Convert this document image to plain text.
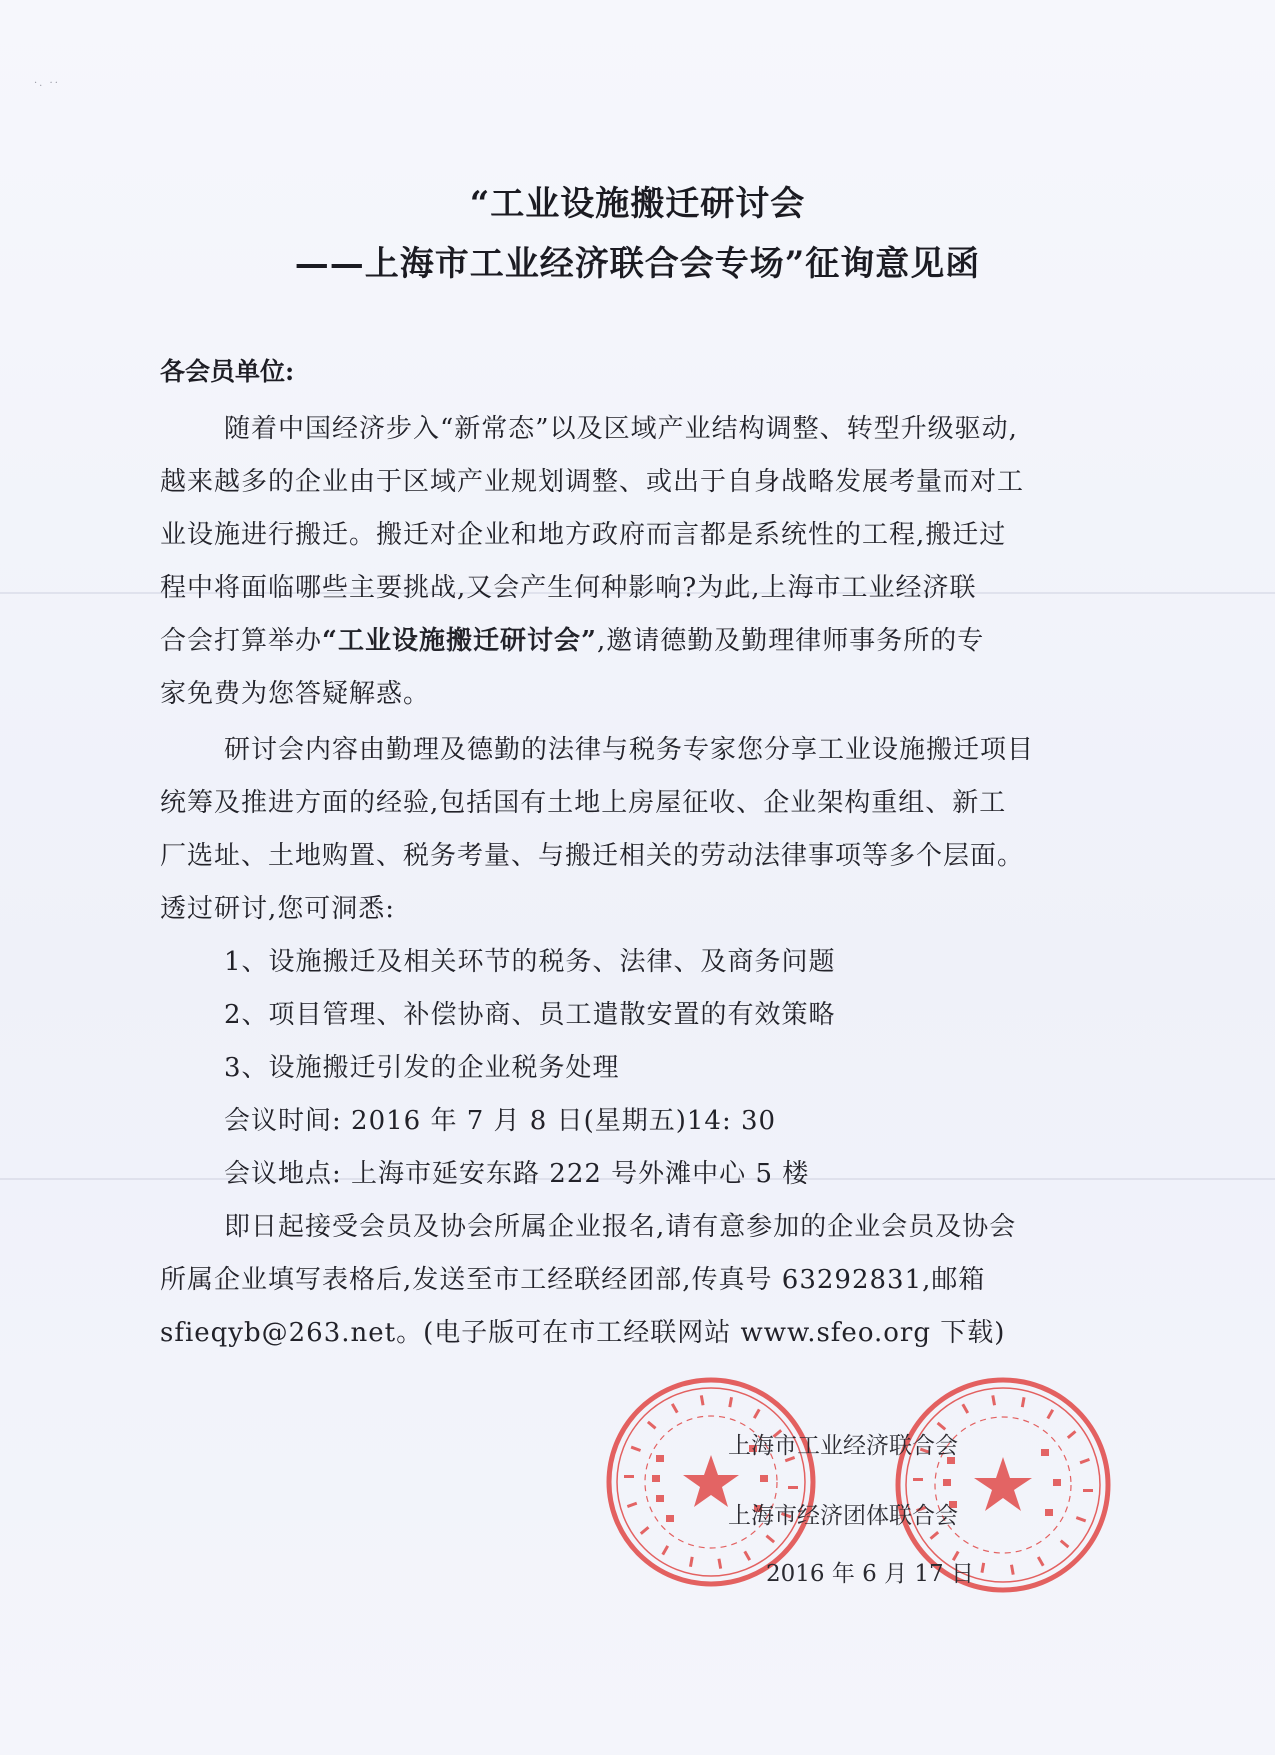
·. ··
“工业设施搬迁研讨会
——上海市工业经济联合会专场”征询意见函
各会员单位:
随着中国经济步入“新常态”以及区域产业结构调整、转型升级驱动,
越来越多的企业由于区域产业规划调整、或出于自身战略发展考量而对工
业设施进行搬迁。搬迁对企业和地方政府而言都是系统性的工程,搬迁过
程中将面临哪些主要挑战,又会产生何种影响?为此,上海市工业经济联
合会打算举办“工业设施搬迁研讨会”,邀请德勤及勤理律师事务所的专
家免费为您答疑解惑。
研讨会内容由勤理及德勤的法律与税务专家您分享工业设施搬迁项目
统筹及推进方面的经验,包括国有土地上房屋征收、企业架构重组、新工
厂选址、土地购置、税务考量、与搬迁相关的劳动法律事项等多个层面。
透过研讨,您可洞悉:
1、设施搬迁及相关环节的税务、法律、及商务问题
2、项目管理、补偿协商、员工遣散安置的有效策略
3、设施搬迁引发的企业税务处理
会议时间: 2016 年 7 月 8 日(星期五)14: 30
会议地点: 上海市延安东路 222 号外滩中心 5 楼
即日起接受会员及协会所属企业报名,请有意参加的企业会员及协会
所属企业填写表格后,发送至市工经联经团部,传真号 63292831,邮箱
sfieqyb@263.net。(电子版可在市工经联网站 www.sfeo.org 下载)
上海市工业经济联合会
上海市经济团体联合会
2016 年 6 月 17 日
